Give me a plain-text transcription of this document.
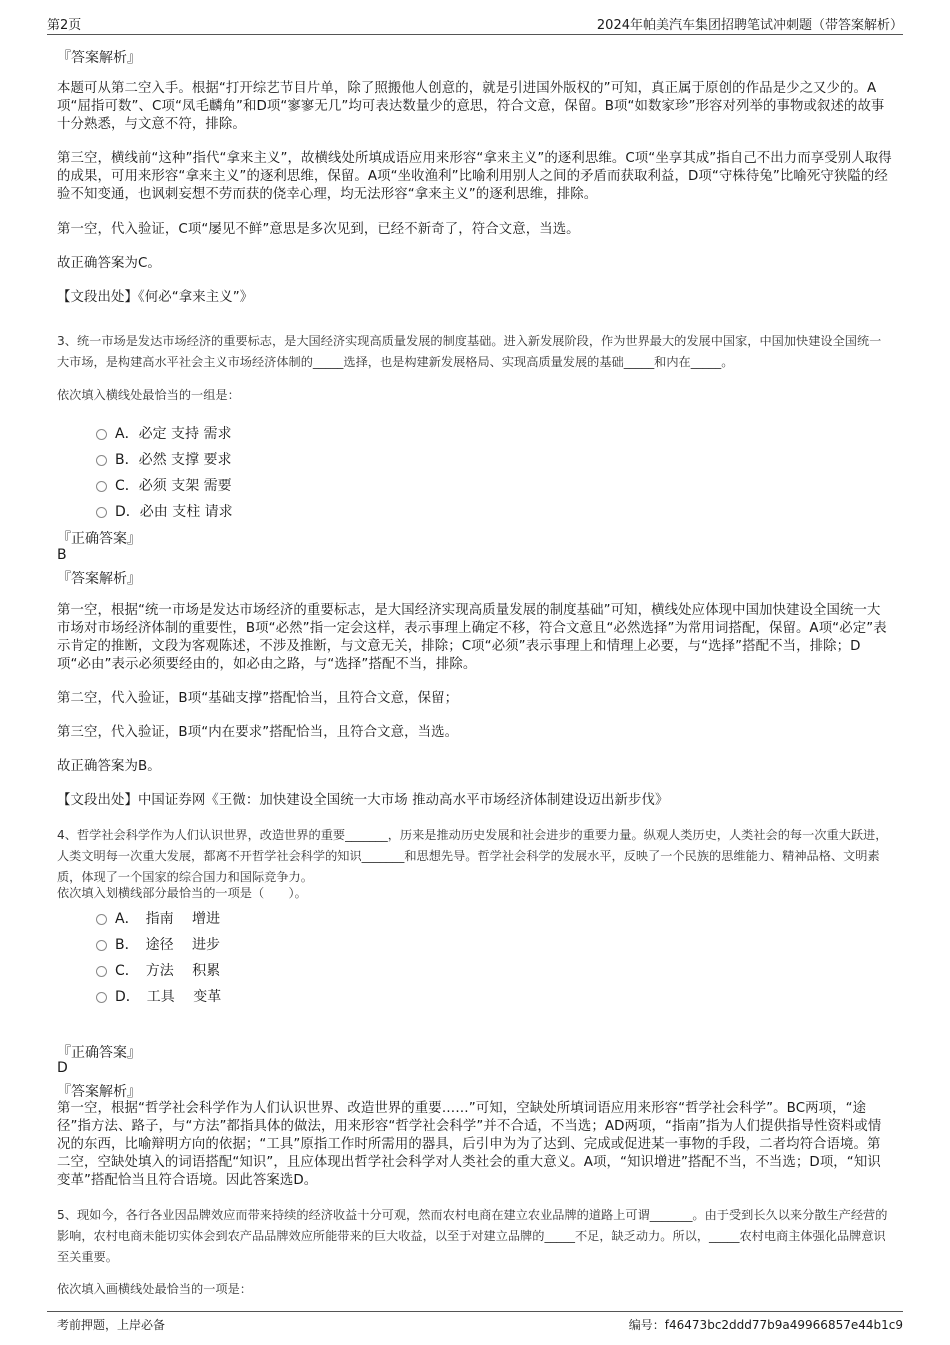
第2页	2024年帕美汽车集团招聘笔试冲刺题（带答案解析）
『答案解析』

本题可从第二空入手。根据“打开综艺节目片单，除了照搬他人创意的，就是引进国外版权的”可知，真正属于原创的作品是少之又少的。A项“屈指可数”、C项“凤毛麟角”和D项“寥寥无几”均可表达数量少的意思，符合文意，保留。B项“如数家珍”形容对列举的事物或叙述的故事十分熟悉，与文意不符，排除。

第三空，横线前“这种”指代“拿来主义”，故横线处所填成语应用来形容“拿来主义”的逐利思维。C项“坐享其成”指自己不出力而享受别人取得的成果，可用来形容“拿来主义”的逐利思维，保留。A项“坐收渔利”比喻利用别人之间的矛盾而获取利益，D项“守株待兔”比喻死守狭隘的经验不知变通，也讽刺妄想不劳而获的侥幸心理，均无法形容“拿来主义”的逐利思维，排除。

第一空，代入验证，C项“屡见不鲜”意思是多次见到，已经不新奇了，符合文意，当选。

故正确答案为C。

【文段出处】《何必“拿来主义”》

3、统一市场是发达市场经济的重要标志，是大国经济实现高质量发展的制度基础。进入新发展阶段，作为世界最大的发展中国家，中国加快建设全国统一大市场，是构建高水平社会主义市场经济体制的_____选择，也是构建新发展格局、实现高质量发展的基础_____和内在_____。

依次填入横线处最恰当的一组是：

A．必定 支持 需求
B．必然 支撑 要求
C．必须 支架 需要
D．必由 支柱 请求
『正确答案』
B
『答案解析』

第一空，根据“统一市场是发达市场经济的重要标志，是大国经济实现高质量发展的制度基础”可知，横线处应体现中国加快建设全国统一大市场对市场经济体制的重要性，B项“必然”指一定会这样，表示事理上确定不移，符合文意且“必然选择”为常用词搭配，保留。A项“必定”表示肯定的推断，文段为客观陈述，不涉及推断，与文意无关，排除；C项“必须”表示事理上和情理上必要，与“选择”搭配不当，排除；D项“必由”表示必须要经由的，如必由之路，与“选择”搭配不当，排除。

第二空，代入验证，B项“基础支撑”搭配恰当，且符合文意，保留；

第三空，代入验证，B项“内在要求”搭配恰当，且符合文意，当选。

故正确答案为B。

【文段出处】中国证券网《王微：加快建设全国统一大市场 推动高水平市场经济体制建设迈出新步伐》

4、哲学社会科学作为人们认识世界，改造世界的重要_______，历来是推动历史发展和社会进步的重要力量。纵观人类历史，人类社会的每一次重大跃进，人类文明每一次重大发展，都离不开哲学社会科学的知识_______和思想先导。哲学社会科学的发展水平，反映了一个民族的思维能力、精神品格、文明素质，体现了一个国家的综合国力和国际竞争力。

依次填入划横线部分最恰当的一项是（　　）。

A．　指南　 增进
B．　途径　 进步
C．　方法　 积累
D．　工具　 变革
『正确答案』
D
『答案解析』

第一空，根据“哲学社会科学作为人们认识世界、改造世界的重要……”可知，空缺处所填词语应用来形容“哲学社会科学”。BC两项，“途径”指方法、路子，与“方法”都指具体的做法，用来形容“哲学社会科学”并不合适，不当选；AD两项，“指南”指为人们提供指导性资料或情况的东西，比喻辩明方向的依据；“工具”原指工作时所需用的器具，后引申为为了达到、完成或促进某一事物的手段，二者均符合语境。第二空，空缺处填入的词语搭配“知识”，且应体现出哲学社会科学对人类社会的重大意义。A项，“知识增进”搭配不当，不当选；D项，“知识变革”搭配恰当且符合语境。因此答案选D。

5、现如今，各行各业因品牌效应而带来持续的经济收益十分可观，然而农村电商在建立农业品牌的道路上可谓_______。由于受到长久以来分散生产经营的影响，农村电商未能切实体会到农产品品牌效应所能带来的巨大收益，以至于对建立品牌的_____不足，缺乏动力。所以，_____农村电商主体强化品牌意识至关重要。

依次填入画横线处最恰当的一项是：

考前押题，上岸必备	编号：f46473bc2ddd77b9a49966857e44b1c9
